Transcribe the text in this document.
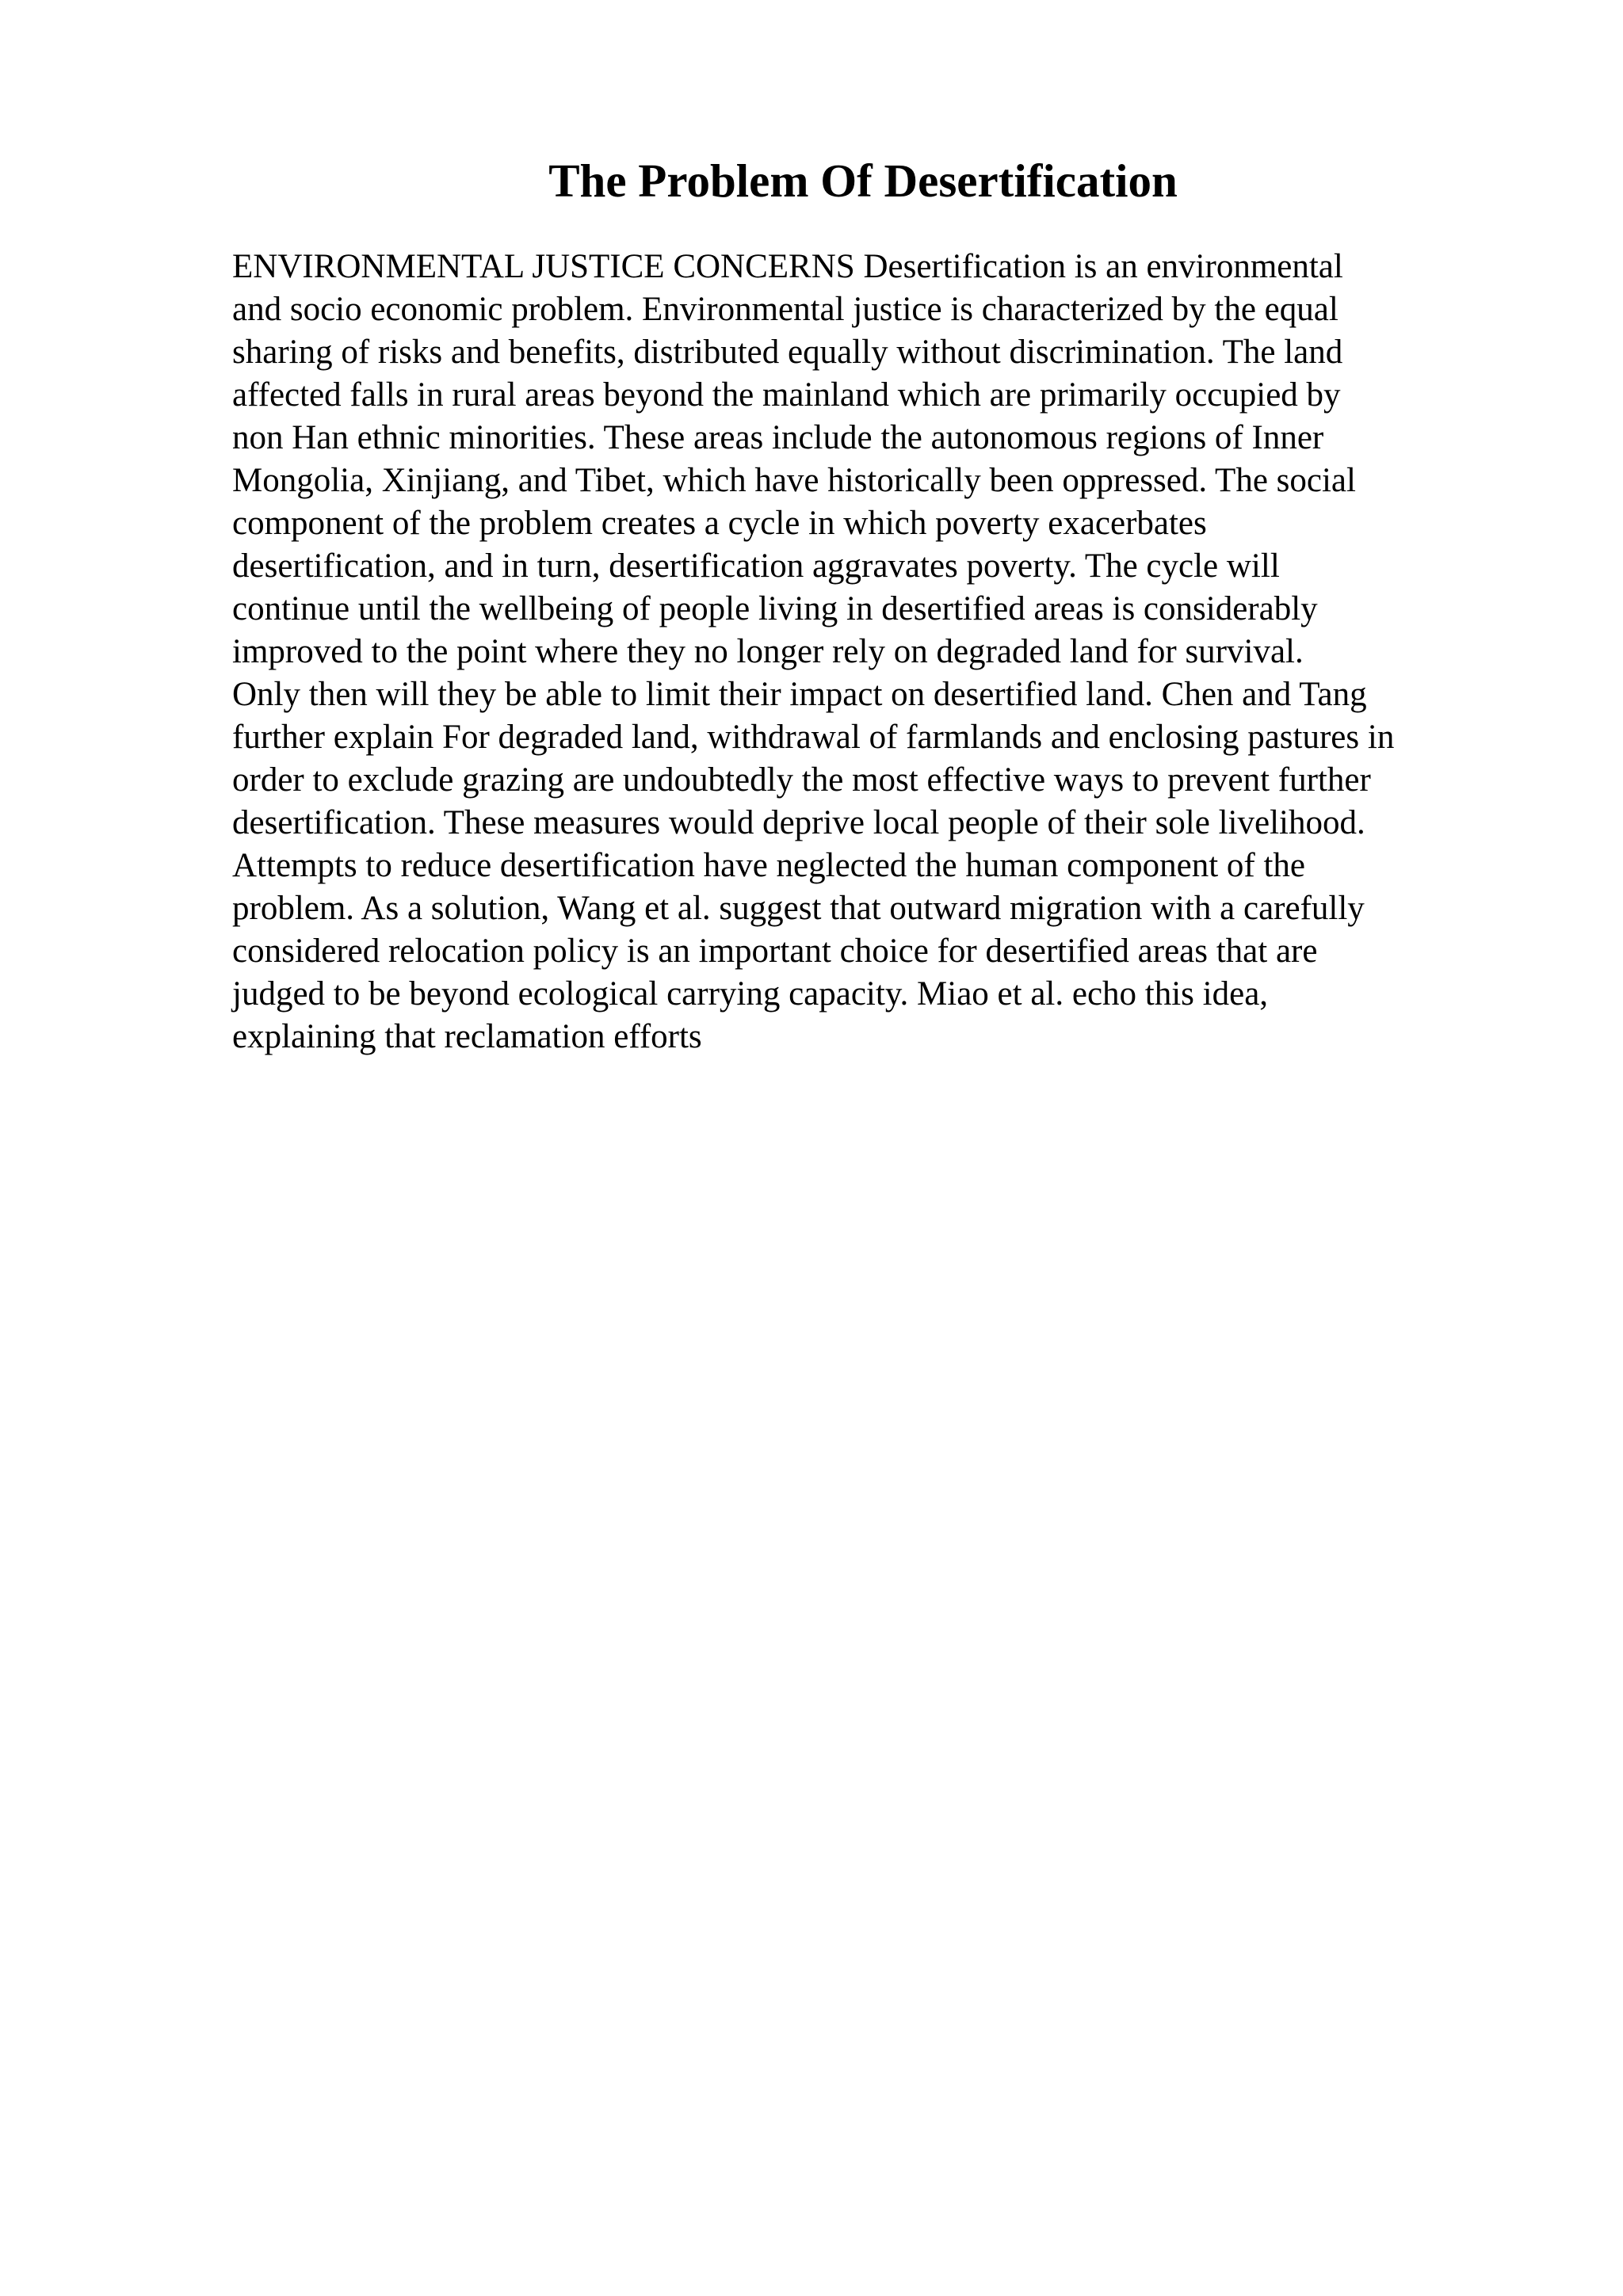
The Problem Of Desertification
ENVIRONMENTAL JUSTICE CONCERNS Desertification is an environmental
and socio economic problem. Environmental justice is characterized by the equal
sharing of risks and benefits, distributed equally without discrimination. The land
affected falls in rural areas beyond the mainland which are primarily occupied by
non Han ethnic minorities. These areas include the autonomous regions of Inner
Mongolia, Xinjiang, and Tibet, which have historically been oppressed. The social
component of the problem creates a cycle in which poverty exacerbates
desertification, and in turn, desertification aggravates poverty. The cycle will
continue until the wellbeing of people living in desertified areas is considerably
improved to the point where they no longer rely on degraded land for survival.
Only then will they be able to limit their impact on desertified land. Chen and Tang
further explain For degraded land, withdrawal of farmlands and enclosing pastures in
order to exclude grazing are undoubtedly the most effective ways to prevent further
desertification. These measures would deprive local people of their sole livelihood.
Attempts to reduce desertification have neglected the human component of the
problem. As a solution, Wang et al. suggest that outward migration with a carefully
considered relocation policy is an important choice for desertified areas that are
judged to be beyond ecological carrying capacity. Miao et al. echo this idea,
explaining that reclamation efforts
